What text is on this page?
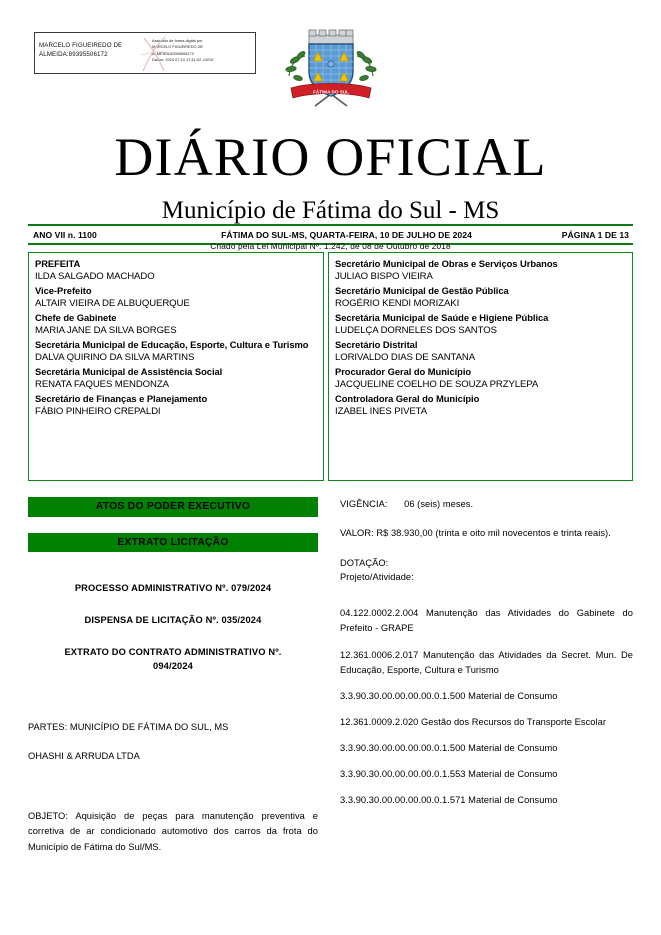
MARCELO FIGUEIREDO DE
ALMEIDA:89395506172
Assinado de forma digital por
MARCELO FIGUEIREDO DE
ALMEIDA:89395506172
Dados: 2024.07.10 17:41:02 -04'00'
FÁTIMA DO SUL
DIÁRIO OFICIAL
Município de Fátima do Sul - MS

Criado pela Lei Municipal Nº. 1.242, de 08 de Outubro de 2018

ANO VII n. 1100	FÁTIMA DO SUL-MS, QUARTA-FEIRA, 10 DE JULHO DE 2024	PÁGINA 1 DE 13
PREFEITA
ILDA SALGADO MACHADO
Vice-Prefeito
ALTAIR VIEIRA DE ALBUQUERQUE
Chefe de Gabinete
MARIA JANE DA SILVA BORGES
Secretária Municipal de Educação, Esporte, Cultura e Turismo
DALVA QUIRINO DA SILVA MARTINS
Secretária Municipal de Assistência Social
RENATA FAQUES MENDONZA
Secretário de Finanças e Planejamento
FÁBIO PINHEIRO CREPALDI
Secretário Municipal de Obras e Serviços Urbanos
JULIAO BISPO VIEIRA
Secretário Municipal de Gestão Pública
ROGÉRIO KENDI MORIZAKI
Secretária Municipal de Saúde e Higiene Pública
LUDELÇA DORNELES DOS SANTOS
Secretário Distrital
LORIVALDO DIAS DE SANTANA
Procurador Geral do Município
JACQUELINE COELHO DE SOUZA PRZYLEPA
Controladora Geral do Município
IZABEL INES PIVETA
ATOS DO PODER EXECUTIVO
EXTRATO LICITAÇÃO

PROCESSO ADMINISTRATIVO Nº. 079/2024

DISPENSA DE LICITAÇÃO Nº. 035/2024

EXTRATO DO CONTRATO ADMINISTRATIVO Nº.

094/2024

PARTES: MUNICÍPIO DE FÁTIMA DO SUL, MS

OHASHI & ARRUDA LTDA

OBJETO: Aquisição de peças para manutenção preventiva e corretiva de ar condicionado automotivo dos carros da frota do Município de Fátima do Sul/MS.

VIGÊNCIA: 06 (seis) meses.

VALOR: R$ 38.930,00 (trinta e oito mil novecentos e trinta reais).

DOTAÇÃO:

Projeto/Atividade:

04.122.0002.2.004 Manutenção das Atividades do Gabinete do Prefeito - GRAPE

12.361.0006.2.017 Manutenção das Atividades da Secret. Mun. De Educação, Esporte, Cultura e Turismo

3.3.90.30.00.00.00.00.0.1.500 Material de Consumo

12.361.0009.2.020 Gestão dos Recursos do Transporte Escolar

3.3.90.30.00.00.00.00.0.1.500 Material de Consumo

3.3.90.30.00.00.00.00.0.1.553 Material de Consumo

3.3.90.30.00.00.00.00.0.1.571 Material de Consumo
